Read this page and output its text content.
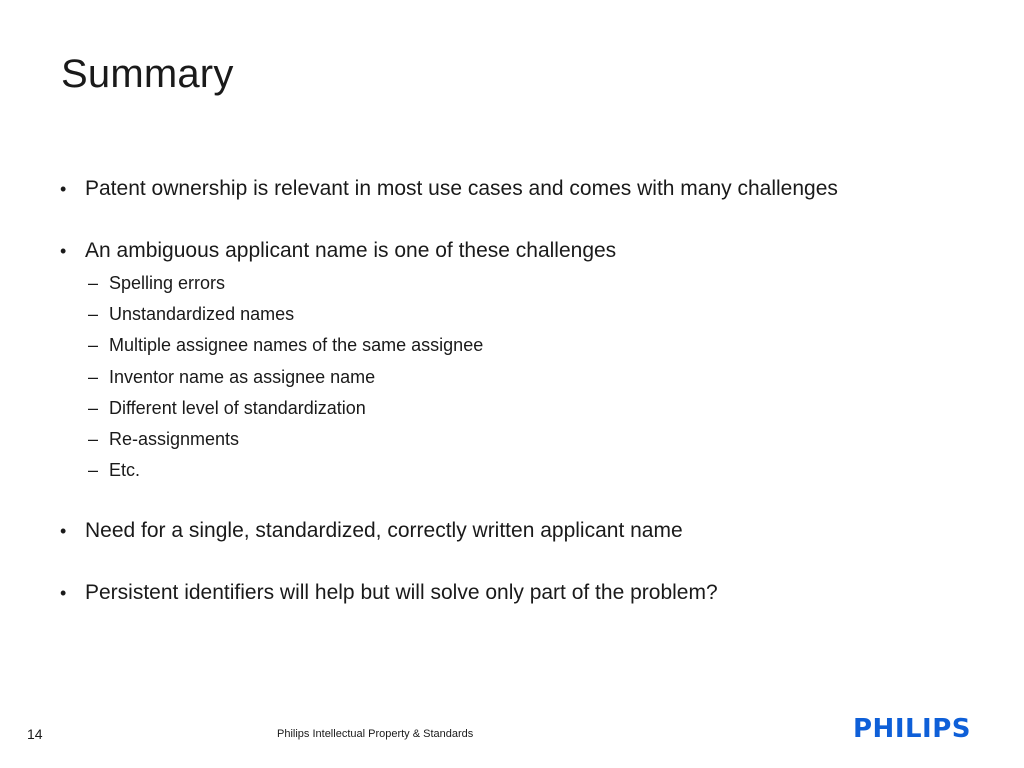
Summary
• Patent ownership is relevant in most use cases and comes with many challenges
• An ambiguous applicant name is one of these challenges
– Spelling errors
– Unstandardized names
– Multiple assignee names of the same assignee
– Inventor name as assignee name
– Different level of standardization
– Re-assignments
– Etc.
• Need for a single, standardized, correctly written applicant name
• Persistent identifiers will help but will solve only part of the problem?
14	Philips Intellectual Property & Standards	PHILIPS
